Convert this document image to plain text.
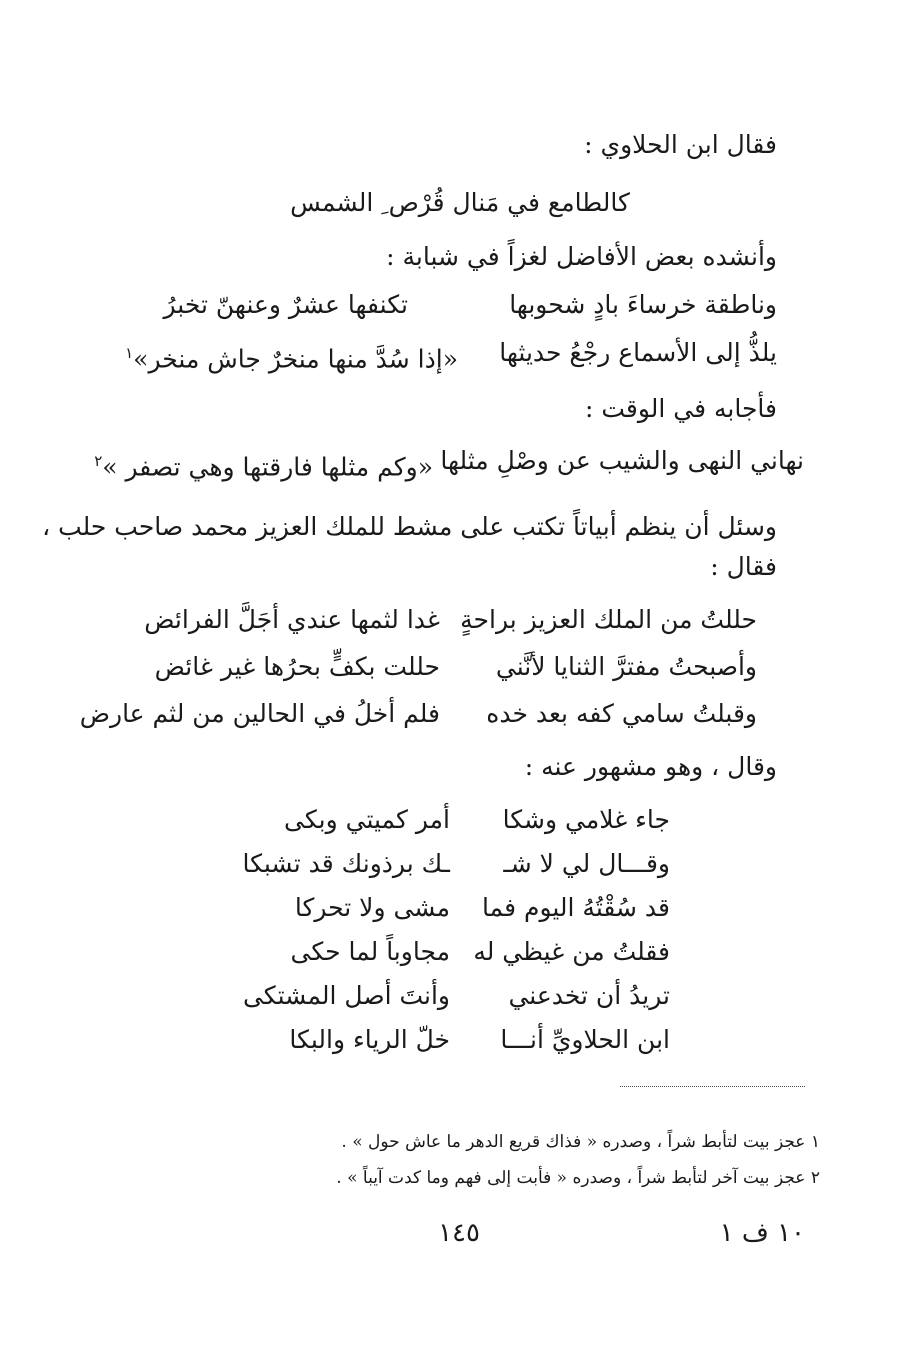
فقال ابن الحلاوي :
كالطامع في مَنال قُرْص ِ الشمس
وأنشده بعض الأفاضل لغزاً في شبابة :
وناطقة خرساءَ بادٍ شحوبها
تكنفها عشرٌ وعنهنّ تخبرُ
يلذُّ إلى الأسماع رجْعُ حديثها
«إذا سُدَّ منها منخرٌ جاش منخر»$^١$
فأجابه في الوقت :
نهاني النهى والشيب عن وصْلِ مثلها
«وكم مثلها فارقتها وهي تصفر »$^٢$
وسئل أن ينظم أبياتاً تكتب على مشط للملك العزيز محمد صاحب حلب ،
فقال :
حللتُ من الملك العزيز براحةٍ
غدا لثمها عندي أجَلَّ الفرائض
وأصبحتُ مفترَّ الثنايا لأنَّني
حللت بكفٍّ بحرُها غير غائض
وقبلتُ سامي كفه بعد خده
فلم أخلُ في الحالين من لثم عارض
وقال ، وهو مشهور عنه :
جاء غلامي وشكا
أمر كميتي وبكى
وقـــال لي لا شـ
ـك برذونك قد تشبكا
قد سُقْتُهُ اليوم فما
مشى ولا تحركا
فقلتُ من غيظي له
مجاوباً لما حكى
تريدُ أن تخدعني
وأنتَ أصل المشتكى
ابن الحلاويِّ أنـــا
خلّ الرياء والبكا
١ عجز بيت لتأبط شراً ، وصدره « فذاك قريع الدهر ما عاش حول » .
٢ عجز بيت آخر لتأبط شراً ، وصدره « فأبت إلى فهم وما كدت آيباً » .
١٤٥	١٠ ف ١
